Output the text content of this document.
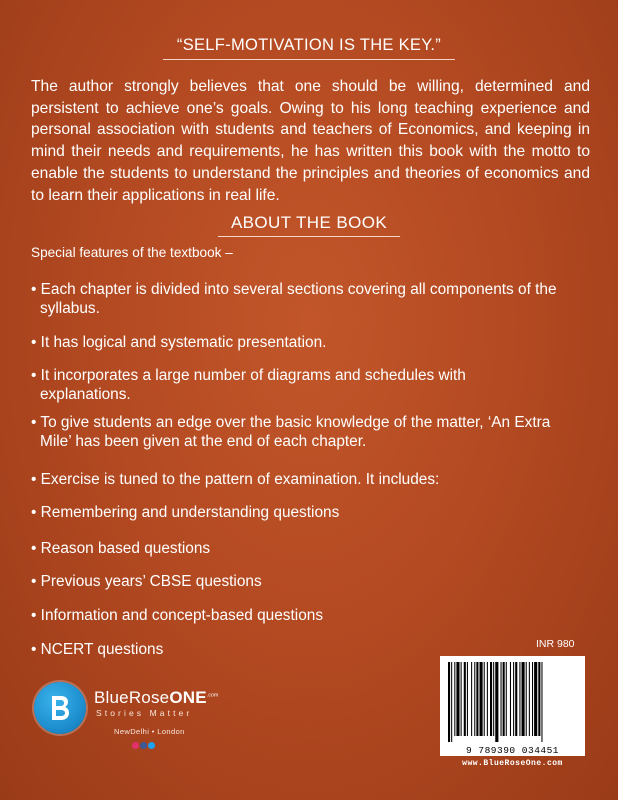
“SELF-MOTIVATION IS THE KEY.”

The author strongly believes that one should be willing, determined and persistent to achieve one’s goals. Owing to his long teaching experience and personal association with students and teachers of Economics, and keeping in mind their needs and requirements, he has written this book with the motto to enable the students to understand the principles and theories of economics and to learn their applications in real life.

ABOUT THE BOOK
Special features of the textbook –
• Each chapter is divided into several sections covering all components of the syllabus.
• It has logical and systematic presentation.
• It incorporates a large number of diagrams and schedules with explanations.
• To give students an edge over the basic knowledge of the matter, ‘An Extra Mile’ has been given at the end of each chapter.
• Exercise is tuned to the pattern of examination. It includes:
• Remembering and understanding questions
• Reason based questions
• Previous years’ CBSE questions
• Information and concept-based questions
• NCERT questions
BlueRoseONE$^{.com}$
Stories Matter
NewDelhi • London
INR 980
9 789390 034451
www.BlueRoseOne.com
